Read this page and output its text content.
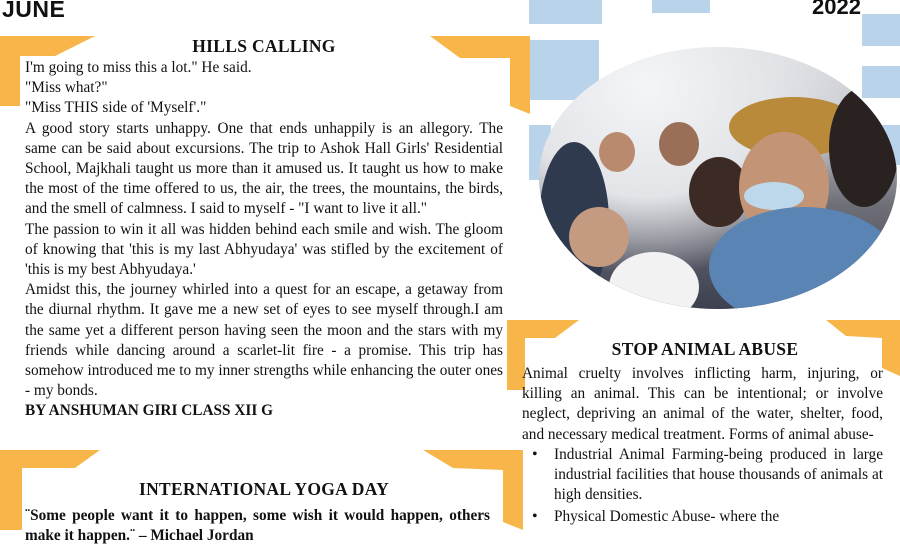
JUNE	2022
HILLS CALLING

I'm going to miss this a lot." He said.

"Miss what?"

"Miss THIS side of 'Myself'."

A good story starts unhappy. One that ends unhappily is an allegory. The same can be said about excursions. The trip to Ashok Hall Girls' Residential School, Majkhali taught us more than it amused us. It taught us how to make the most of the time offered to us, the air, the trees, the mountains, the birds, and the smell of calmness. I said to myself - "I want to live it all."

The passion to win it all was hidden behind each smile and wish. The gloom of knowing that 'this is my last Abhyudaya' was stifled by the excitement of 'this is my best Abhyudaya.'

Amidst this, the journey whirled into a quest for an escape, a getaway from the diurnal rhythm. It gave me a new set of eyes to see myself through.I am the same yet a different person having seen the moon and the stars with my friends while dancing around a scarlet-lit fire - a promise. This trip has somehow introduced me to my inner strengths while enhancing the outer ones - my bonds.

BY ANSHUMAN GIRI CLASS XII G

INTERNATIONAL YOGA DAY
¨Some people want it to happen, some wish it would happen, others make it happen.¨ – Michael Jordan
STOP ANIMAL ABUSE

Animal cruelty involves inflicting harm, injuring, or killing an animal. This can be intentional; or involve neglect, depriving an animal of the water, shelter, food, and necessary medical treatment. Forms of animal abuse-

• Industrial Animal Farming-being produced in large industrial facilities that house thousands of animals at high densities.
• Physical Domestic Abuse- where the
